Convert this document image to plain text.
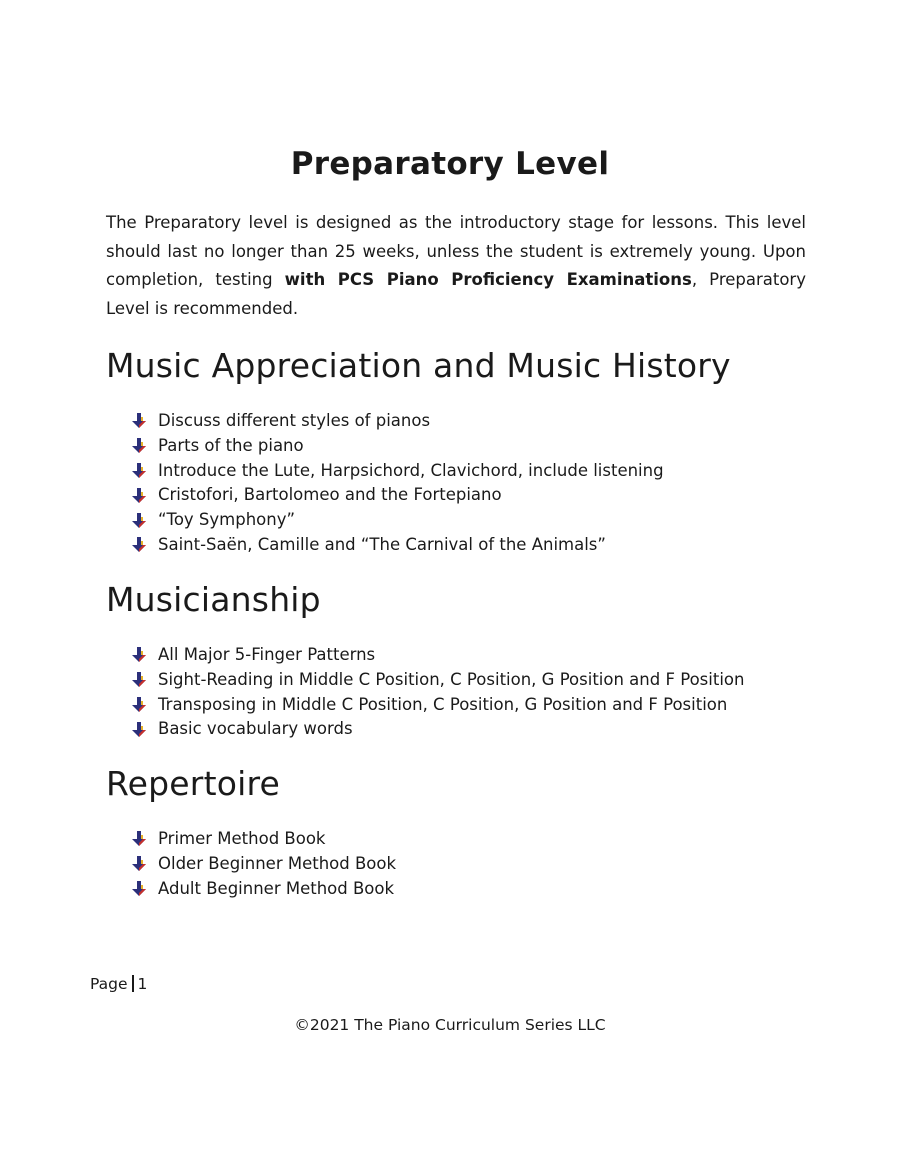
Preparatory Level

The Preparatory level is designed as the introductory stage for lessons. This level should last no longer than 25 weeks, unless the student is extremely young. Upon completion, testing with PCS Piano Proficiency Examinations, Preparatory Level is recommended.

Music Appreciation and Music History
Discuss different styles of pianos
Parts of the piano
Introduce the Lute, Harpsichord, Clavichord, include listening
Cristofori, Bartolomeo and the Fortepiano
“Toy Symphony”
Saint-Saën, Camille and “The Carnival of the Animals”
Musicianship
All Major 5-Finger Patterns
Sight-Reading in Middle C Position, C Position, G Position and F Position
Transposing in Middle C Position, C Position, G Position and F Position
Basic vocabulary words
Repertoire
Primer Method Book
Older Beginner Method Book
Adult Beginner Method Book
Page 1
©2021 The Piano Curriculum Series LLC
